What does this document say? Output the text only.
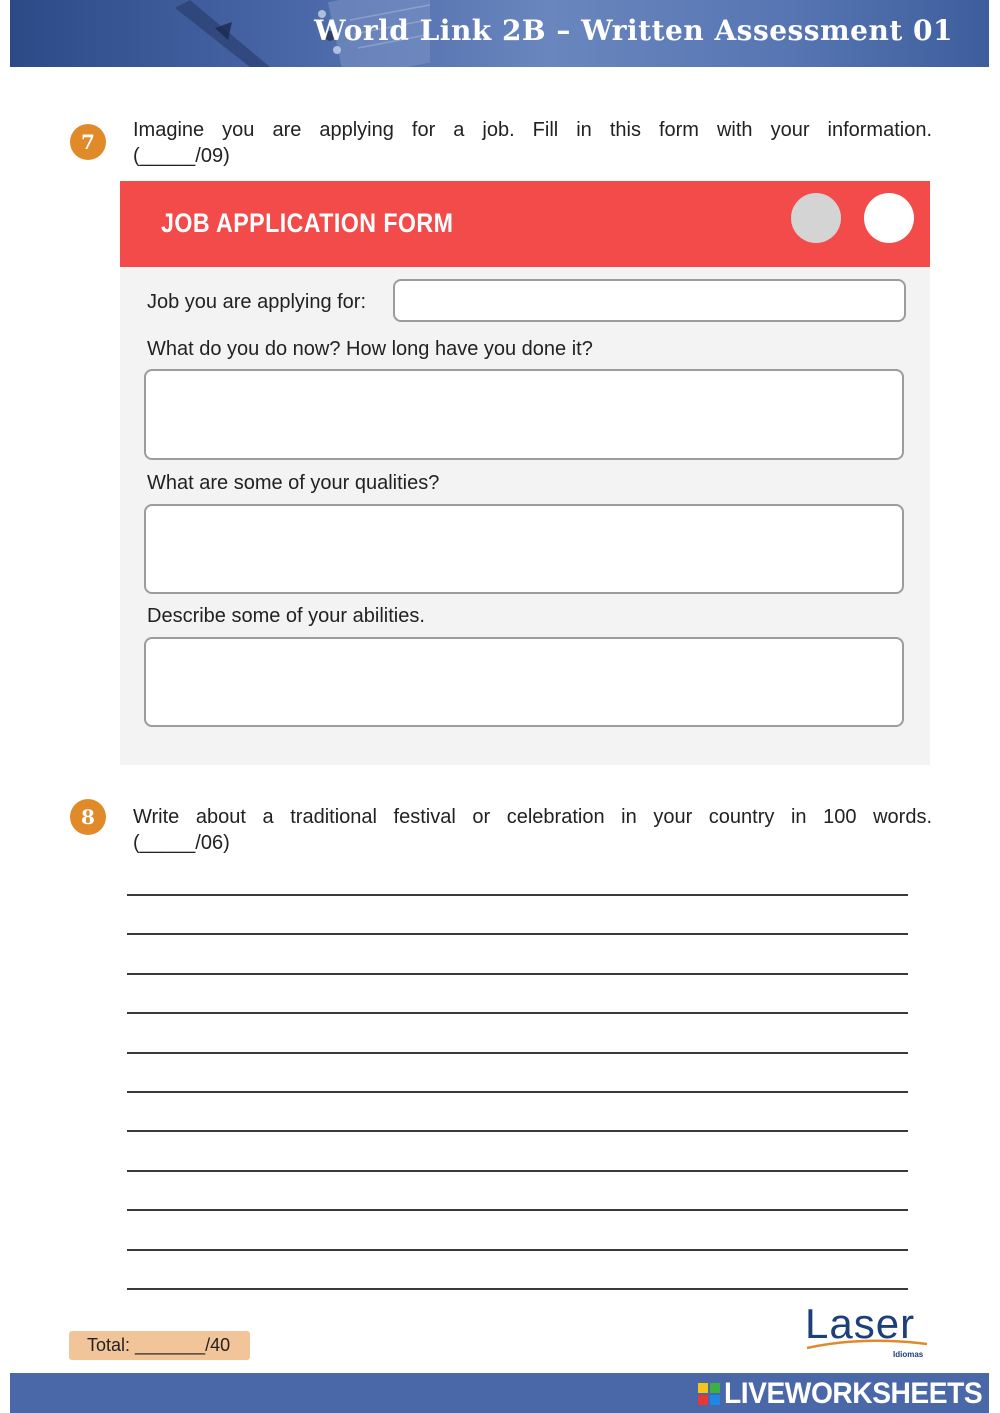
World Link 2B – Written Assessment 01
7	Imagine you are applying for a job. Fill in this form with your information.
(_____/09)
JOB APPLICATION FORM
Job you are applying for:
What do you do now? How long have you done it?
What are some of your qualities?
Describe some of your abilities.
8	Write about a traditional festival or celebration in your country in 100 words.
(_____/06)
Total: _______/40	Laser
Idiomas
LIVEWORKSHEETS
